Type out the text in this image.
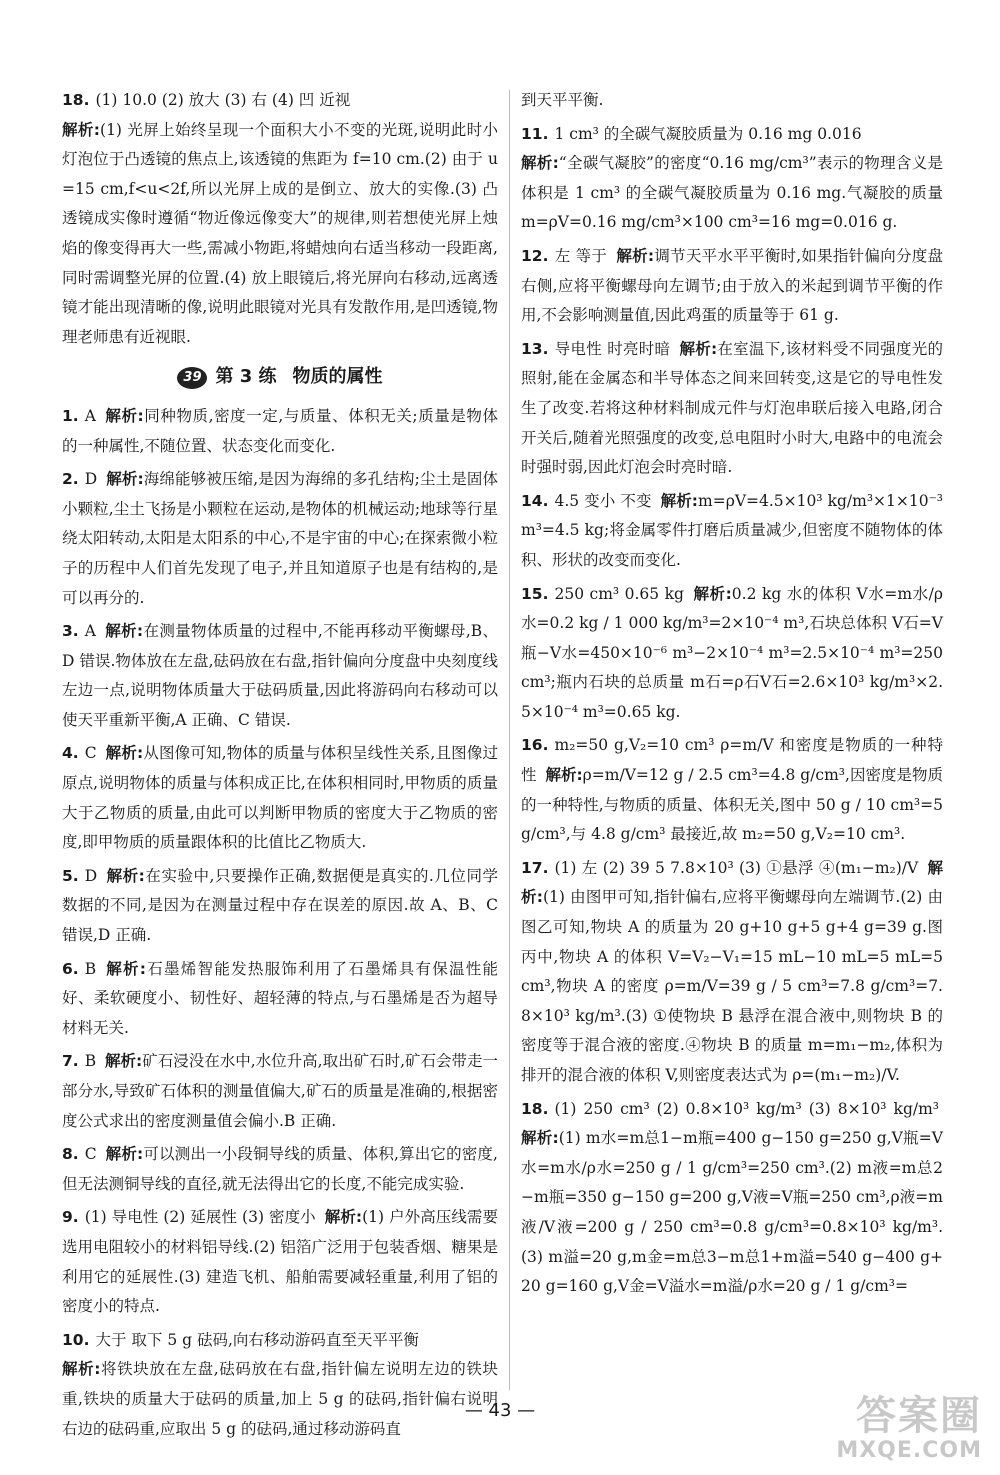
18. (1) 10.0 (2) 放大 (3) 右 (4) 凹 近视
解析:(1) 光屏上始终呈现一个面积大小不变的光斑,说明此时小灯泡位于凸透镜的焦点上,该透镜的焦距为 f=10 cm.(2) 由于 u=15 cm,f<u<2f,所以光屏上成的是倒立、放大的实像.(3) 凸透镜成实像时遵循“物近像远像变大”的规律,则若想使光屏上烛焰的像变得再大一些,需减小物距,将蜡烛向右适当移动一段距离,同时需调整光屏的位置.(4) 放上眼镜后,将光屏向右移动,远离透镜才能出现清晰的像,说明此眼镜对光具有发散作用,是凹透镜,物理老师患有近视眼.

39 第 3 练 物质的属性

1. A 解析:同种物质,密度一定,与质量、体积无关;质量是物体的一种属性,不随位置、状态变化而变化.

2. D 解析:海绵能够被压缩,是因为海绵的多孔结构;尘土是固体小颗粒,尘土飞扬是小颗粒在运动,是物体的机械运动;地球等行星绕太阳转动,太阳是太阳系的中心,不是宇宙的中心;在探索微小粒子的历程中人们首先发现了电子,并且知道原子也是有结构的,是可以再分的.

3. A 解析:在测量物体质量的过程中,不能再移动平衡螺母,B、D 错误.物体放在左盘,砝码放在右盘,指针偏向分度盘中央刻度线左边一点,说明物体质量大于砝码质量,因此将游码向右移动可以使天平重新平衡,A 正确、C 错误.

4. C 解析:从图像可知,物体的质量与体积呈线性关系,且图像过原点,说明物体的质量与体积成正比,在体积相同时,甲物质的质量大于乙物质的质量,由此可以判断甲物质的密度大于乙物质的密度,即甲物质的质量跟体积的比值比乙物质大.

5. D 解析:在实验中,只要操作正确,数据便是真实的.几位同学数据的不同,是因为在测量过程中存在误差的原因.故 A、B、C 错误,D 正确.

6. B 解析:石墨烯智能发热服饰利用了石墨烯具有保温性能好、柔软硬度小、韧性好、超轻薄的特点,与石墨烯是否为超导材料无关.

7. B 解析:矿石浸没在水中,水位升高,取出矿石时,矿石会带走一部分水,导致矿石体积的测量值偏大,矿石的质量是准确的,根据密度公式求出的密度测量值会偏小.B 正确.

8. C 解析:可以测出一小段铜导线的质量、体积,算出它的密度,但无法测铜导线的直径,就无法得出它的长度,不能完成实验.

9. (1) 导电性 (2) 延展性 (3) 密度小 解析:(1) 户外高压线需要选用电阻较小的材料铝导线.(2) 铝箔广泛用于包装香烟、糖果是利用它的延展性.(3) 建造飞机、船舶需要减轻重量,利用了铝的密度小的特点.

10. 大于 取下 5 g 砝码,向右移动游码直至天平平衡
解析:将铁块放在左盘,砝码放在右盘,指针偏左说明左边的铁块重,铁块的质量大于砝码的质量,加上 5 g 的砝码,指针偏右说明右边的砝码重,应取出 5 g 的砝码,通过移动游码直

到天平平衡.

11. 1 cm³ 的全碳气凝胶质量为 0.16 mg 0.016
解析:“全碳气凝胶”的密度“0.16 mg/cm³”表示的物理含义是体积是 1 cm³ 的全碳气凝胶质量为 0.16 mg.气凝胶的质量 m=ρV=0.16 mg/cm³×100 cm³=16 mg=0.016 g.

12. 左 等于 解析:调节天平水平平衡时,如果指针偏向分度盘右侧,应将平衡螺母向左调节;由于放入的米起到调节平衡的作用,不会影响测量值,因此鸡蛋的质量等于 61 g.

13. 导电性 时亮时暗 解析:在室温下,该材料受不同强度光的照射,能在金属态和半导体态之间来回转变,这是它的导电性发生了改变.若将这种材料制成元件与灯泡串联后接入电路,闭合开关后,随着光照强度的改变,总电阻时小时大,电路中的电流会时强时弱,因此灯泡会时亮时暗.

14. 4.5 变小 不变 解析:m=ρV=4.5×10³ kg/m³×1×10⁻³ m³=4.5 kg;将金属零件打磨后质量减少,但密度不随物体的体积、形状的改变而变化.

15. 250 cm³ 0.65 kg 解析:0.2 kg 水的体积 V水=m水/ρ水=0.2 kg / 1 000 kg/m³=2×10⁻⁴ m³,石块总体积 V石=V瓶−V水=450×10⁻⁶ m³−2×10⁻⁴ m³=2.5×10⁻⁴ m³=250 cm³;瓶内石块的总质量 m石=ρ石V石=2.6×10³ kg/m³×2.5×10⁻⁴ m³=0.65 kg.

16. m₂=50 g,V₂=10 cm³ ρ=m/V 和密度是物质的一种特性 解析:ρ=m/V=12 g / 2.5 cm³=4.8 g/cm³,因密度是物质的一种特性,与物质的质量、体积无关,图中 50 g / 10 cm³=5 g/cm³,与 4.8 g/cm³ 最接近,故 m₂=50 g,V₂=10 cm³.

17. (1) 左 (2) 39 5 7.8×10³ (3) ①悬浮 ④(m₁−m₂)/V 解析:(1) 由图甲可知,指针偏右,应将平衡螺母向左端调节.(2) 由图乙可知,物块 A 的质量为 20 g+10 g+5 g+4 g=39 g.图丙中,物块 A 的体积 V=V₂−V₁=15 mL−10 mL=5 mL=5 cm³,物块 A 的密度 ρ=m/V=39 g / 5 cm³=7.8 g/cm³=7.8×10³ kg/m³.(3) ①使物块 B 悬浮在混合液中,则物块 B 的密度等于混合液的密度.④物块 B 的质量 m=m₁−m₂,体积为排开的混合液的体积 V,则密度表达式为 ρ=(m₁−m₂)/V.

18. (1) 250 cm³ (2) 0.8×10³ kg/m³ (3) 8×10³ kg/m³ 解析:(1) m水=m总1−m瓶=400 g−150 g=250 g,V瓶=V水=m水/ρ水=250 g / 1 g/cm³=250 cm³.(2) m液=m总2−m瓶=350 g−150 g=200 g,V液=V瓶=250 cm³,ρ液=m液/V液=200 g / 250 cm³=0.8 g/cm³=0.8×10³ kg/m³.(3) m溢=20 g,m金=m总3−m总1+m溢=540 g−400 g+20 g=160 g,V金=V溢水=m溢/ρ水=20 g / 1 g/cm³=

— 43 —	答案圈
MXQE.COM
